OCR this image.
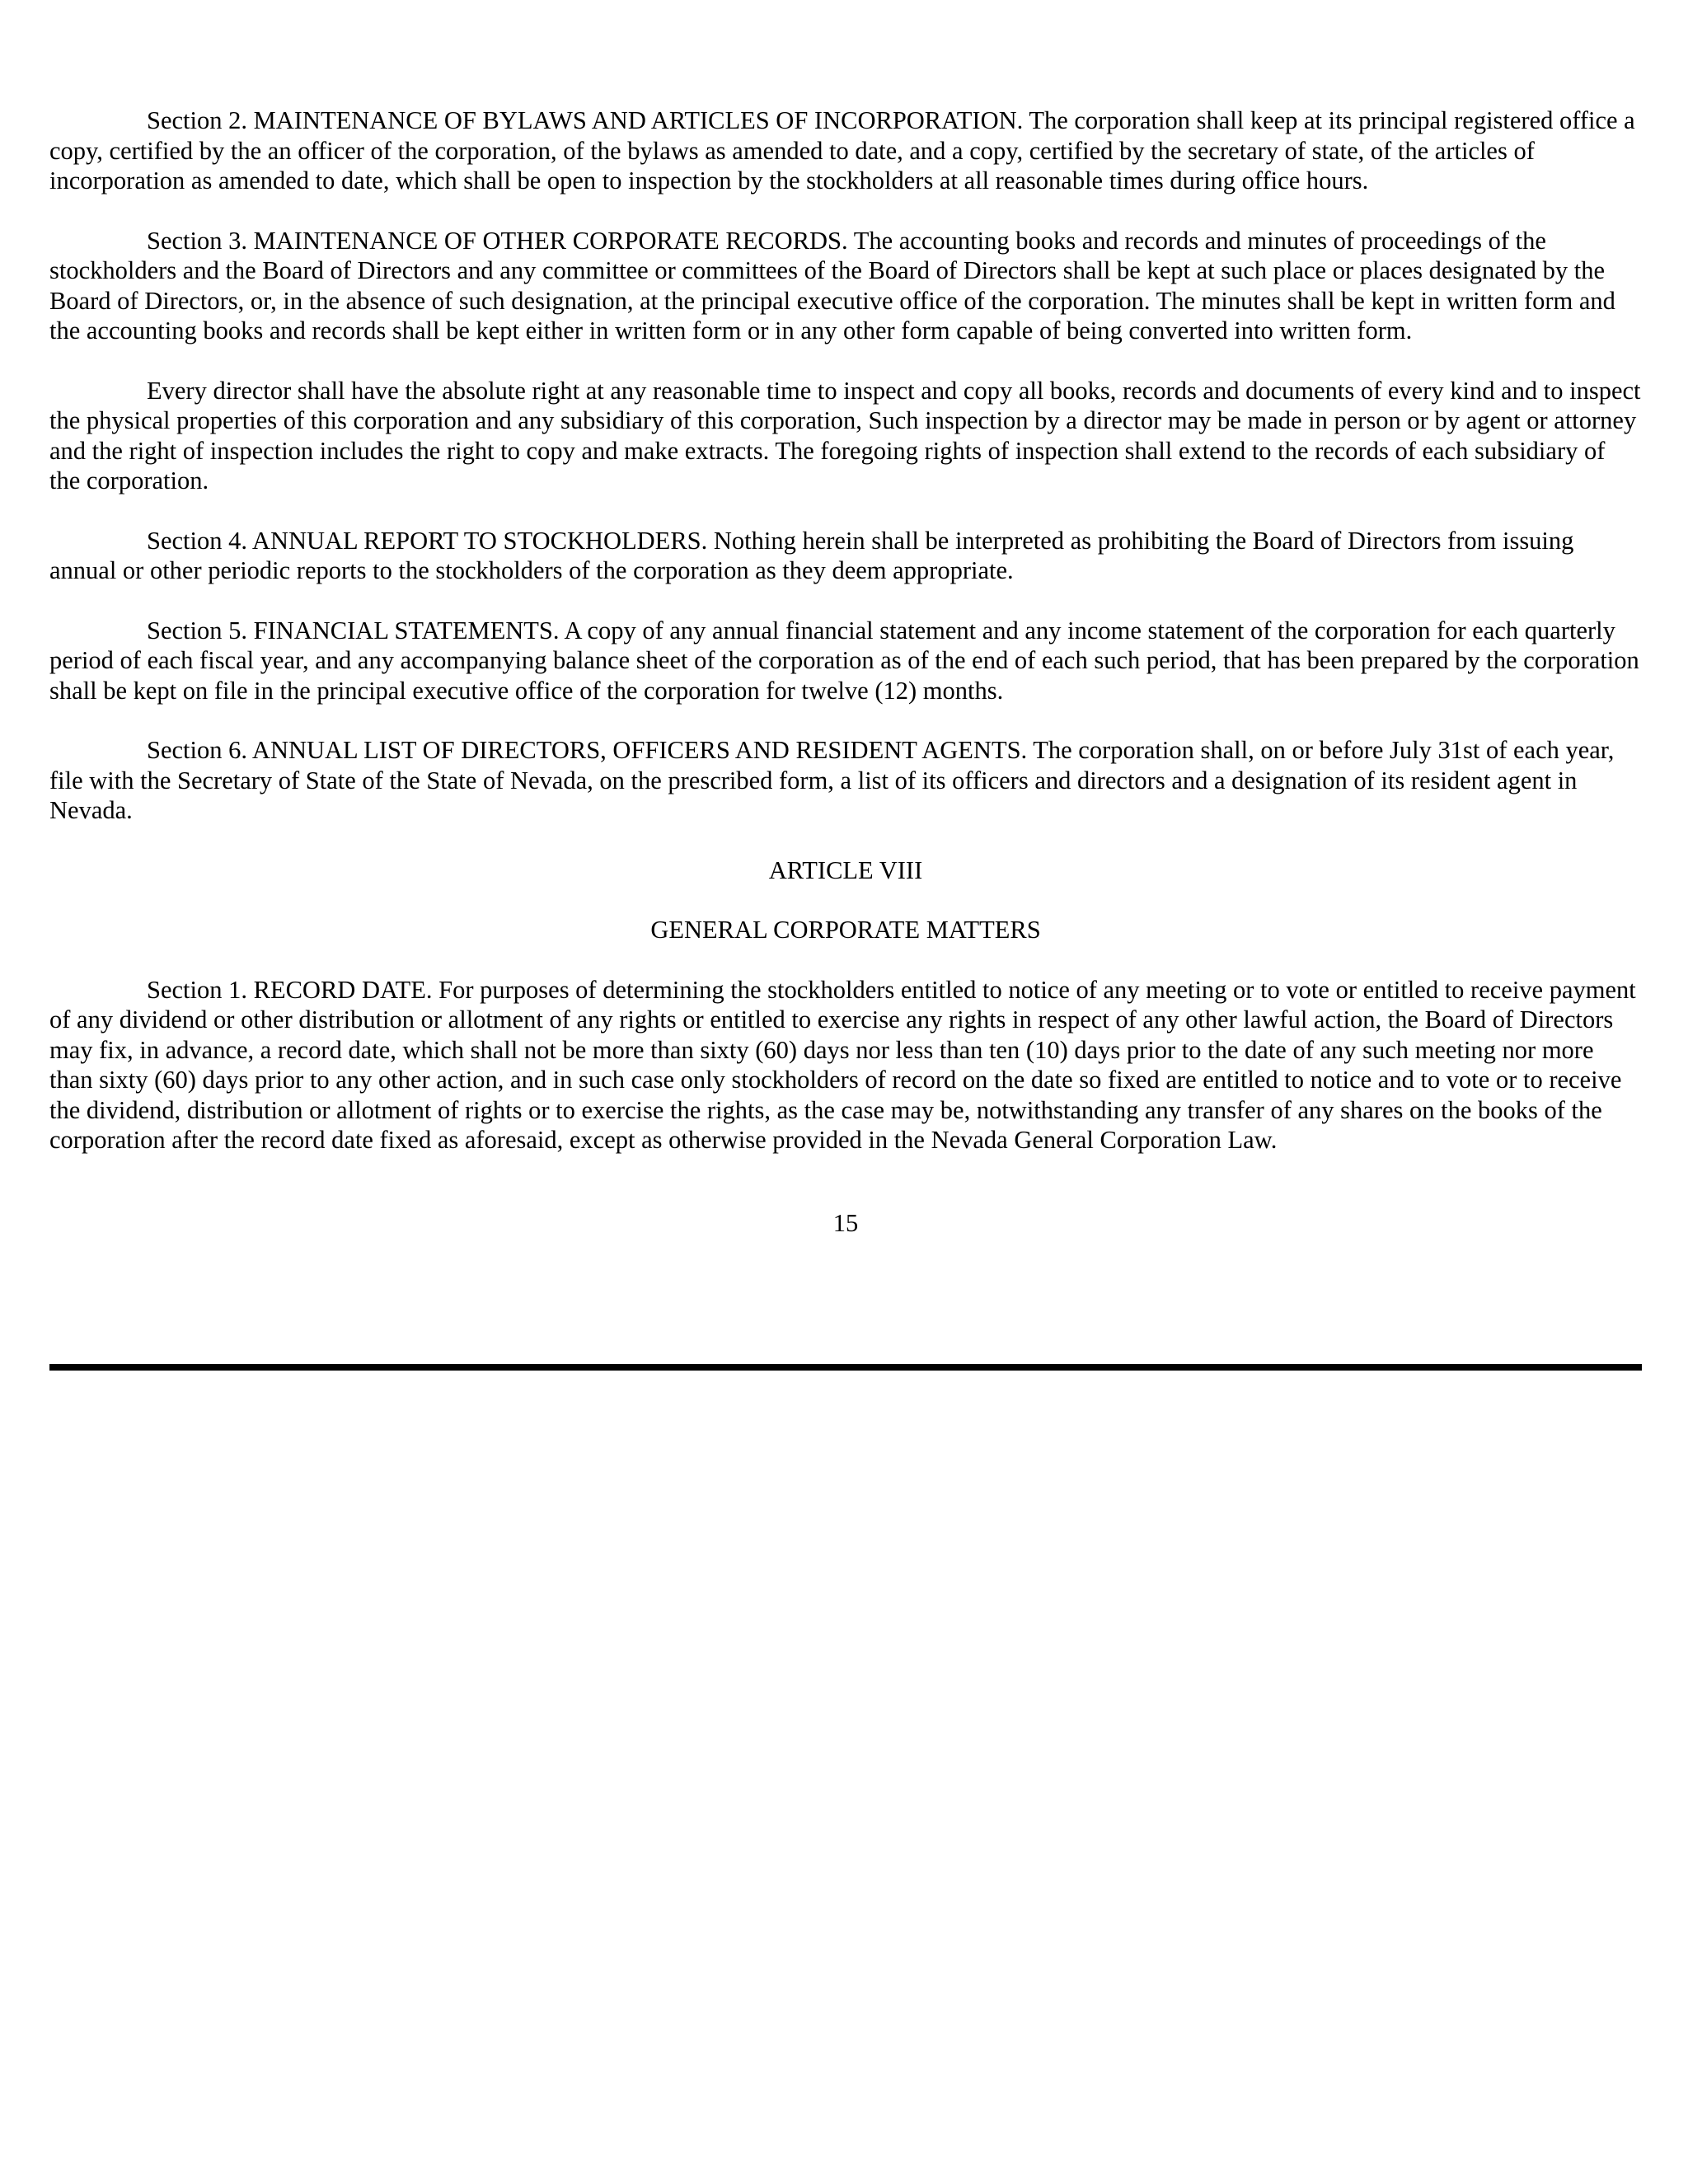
Section 2. MAINTENANCE OF BYLAWS AND ARTICLES OF INCORPORATION. The corporation shall keep at its principal registered office a copy, certified by the an officer of the corporation, of the bylaws as amended to date, and a copy, certified by the secretary of state, of the articles of incorporation as amended to date, which shall be open to inspection by the stockholders at all reasonable times during office hours.

Section 3. MAINTENANCE OF OTHER CORPORATE RECORDS. The accounting books and records and minutes of proceedings of the stockholders and the Board of Directors and any committee or committees of the Board of Directors shall be kept at such place or places designated by the Board of Directors, or, in the absence of such designation, at the principal executive office of the corporation. The minutes shall be kept in written form and the accounting books and records shall be kept either in written form or in any other form capable of being converted into written form.

Every director shall have the absolute right at any reasonable time to inspect and copy all books, records and documents of every kind and to inspect the physical properties of this corporation and any subsidiary of this corporation, Such inspection by a director may be made in person or by agent or attorney and the right of inspection includes the right to copy and make extracts. The foregoing rights of inspection shall extend to the records of each subsidiary of the corporation.

Section 4. ANNUAL REPORT TO STOCKHOLDERS. Nothing herein shall be interpreted as prohibiting the Board of Directors from issuing annual or other periodic reports to the stockholders of the corporation as they deem appropriate.

Section 5. FINANCIAL STATEMENTS. A copy of any annual financial statement and any income statement of the corporation for each quarterly period of each fiscal year, and any accompanying balance sheet of the corporation as of the end of each such period, that has been prepared by the corporation shall be kept on file in the principal executive office of the corporation for twelve (12) months.

Section 6. ANNUAL LIST OF DIRECTORS, OFFICERS AND RESIDENT AGENTS. The corporation shall, on or before July 31st of each year, file with the Secretary of State of the State of Nevada, on the prescribed form, a list of its officers and directors and a designation of its resident agent in Nevada.

ARTICLE VIII
GENERAL CORPORATE MATTERS

Section 1. RECORD DATE. For purposes of determining the stockholders entitled to notice of any meeting or to vote or entitled to receive payment of any dividend or other distribution or allotment of any rights or entitled to exercise any rights in respect of any other lawful action, the Board of Directors may fix, in advance, a record date, which shall not be more than sixty (60) days nor less than ten (10) days prior to the date of any such meeting nor more than sixty (60) days prior to any other action, and in such case only stockholders of record on the date so fixed are entitled to notice and to vote or to receive the dividend, distribution or allotment of rights or to exercise the rights, as the case may be, notwithstanding any transfer of any shares on the books of the corporation after the record date fixed as aforesaid, except as otherwise provided in the Nevada General Corporation Law.

15
